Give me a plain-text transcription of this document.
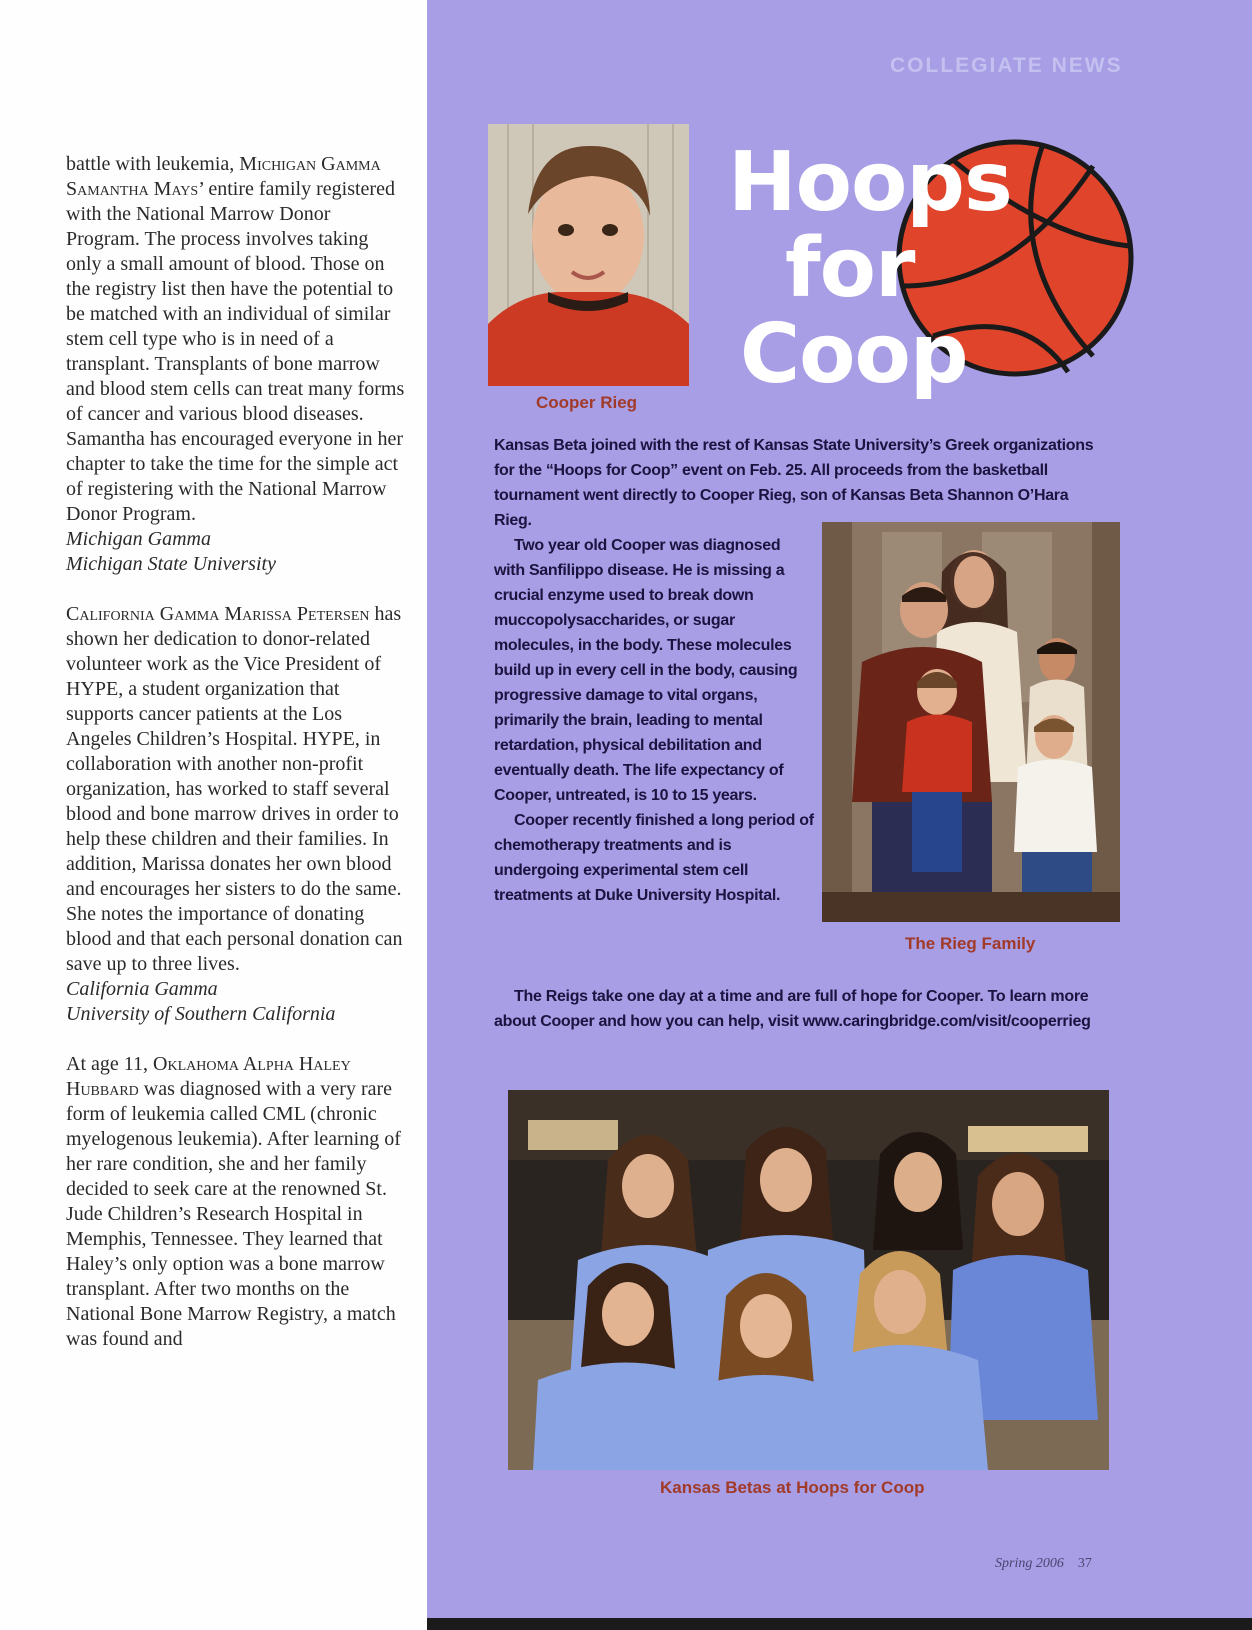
battle with leukemia, Michigan Gamma Samantha Mays’ entire family registered with the National Marrow Donor Program. The process involves taking only a small amount of blood. Those on the registry list then have the potential to be matched with an individual of similar stem cell type who is in need of a transplant. Transplants of bone marrow and blood stem cells can treat many forms of cancer and various blood diseases. Samantha has encouraged everyone in her chapter to take the time for the simple act of registering with the National Marrow Donor Program.

Michigan Gamma

Michigan State University

California Gamma Marissa Petersen has shown her dedication to donor-related volunteer work as the Vice President of HYPE, a student organization that supports cancer patients at the Los Angeles Children’s Hospital. HYPE, in collaboration with another non-profit organization, has worked to staff several blood and bone marrow drives in order to help these children and their families. In addition, Marissa donates her own blood and encourages her sisters to do the same. She notes the importance of donating blood and that each personal donation can save up to three lives.

California Gamma

University of Southern California

At age 11, Oklahoma Alpha Haley Hubbard was diagnosed with a very rare form of leukemia called CML (chronic myelogenous leukemia). After learning of her rare condition, she and her family decided to seek care at the renowned St. Jude Children’s Research Hospital in Memphis, Tennessee. They learned that Haley’s only option was a bone marrow transplant. After two months on the National Bone Marrow Registry, a match was found and

COLLEGIATE NEWS
Cooper Rieg
Hoops
for
Coop

Kansas Beta joined with the rest of Kansas State University’s Greek organizations for the “Hoops for Coop” event on Feb. 25. All proceeds from the basketball tournament went directly to Cooper Rieg, son of Kansas Beta Shannon O’Hara Rieg.

Two year old Cooper was diagnosed with Sanfilippo disease. He is missing a crucial enzyme used to break down muccopolysaccharides, or sugar molecules, in the body. These molecules build up in every cell in the body, causing progressive damage to vital organs, primarily the brain, leading to mental retardation, physical debilitation and eventually death. The life expectancy of Cooper, untreated, is 10 to 15 years.

Cooper recently finished a long period of chemotherapy treatments and is undergoing experimental stem cell treatments at Duke University Hospital.

The Rieg Family

The Reigs take one day at a time and are full of hope for Cooper. To learn more about Cooper and how you can help, visit www.caringbridge.com/visit/cooperrieg

Kansas Betas at Hoops for Coop
Spring 2006 37
